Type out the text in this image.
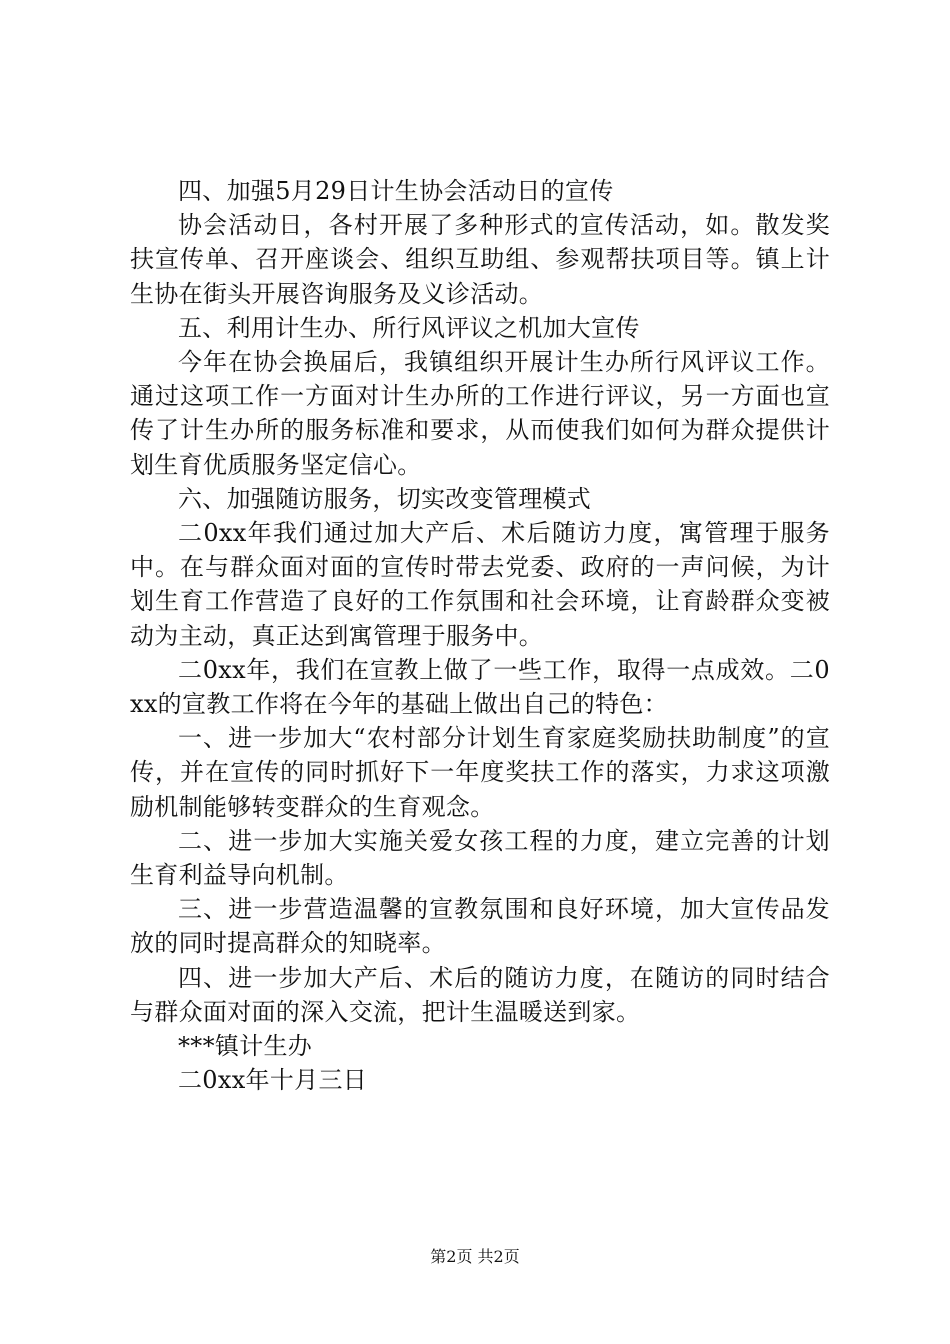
四、加强5月29日计生协会活动日的宣传

协会活动日，各村开展了多种形式的宣传活动，如。散发奖扶宣传单、召开座谈会、组织互助组、参观帮扶项目等。镇上计生协在街头开展咨询服务及义诊活动。

五、利用计生办、所行风评议之机加大宣传

今年在协会换届后，我镇组织开展计生办所行风评议工作。通过这项工作一方面对计生办所的工作进行评议，另一方面也宣传了计生办所的服务标准和要求，从而使我们如何为群众提供计划生育优质服务坚定信心。

六、加强随访服务，切实改变管理模式

二0xx年我们通过加大产后、术后随访力度，寓管理于服务中。在与群众面对面的宣传时带去党委、政府的一声问候，为计划生育工作营造了良好的工作氛围和社会环境，让育龄群众变被动为主动，真正达到寓管理于服务中。

二0xx年，我们在宣教上做了一些工作，取得一点成效。二0xx的宣教工作将在今年的基础上做出自己的特色：

一、进一步加大“农村部分计划生育家庭奖励扶助制度”的宣传，并在宣传的同时抓好下一年度奖扶工作的落实，力求这项激励机制能够转变群众的生育观念。

二、进一步加大实施关爱女孩工程的力度，建立完善的计划生育利益导向机制。

三、进一步营造温馨的宣教氛围和良好环境，加大宣传品发放的同时提高群众的知晓率。

四、进一步加大产后、术后的随访力度，在随访的同时结合与群众面对面的深入交流，把计生温暖送到家。

***镇计生办

二0xx年十月三日

第2页 共2页
